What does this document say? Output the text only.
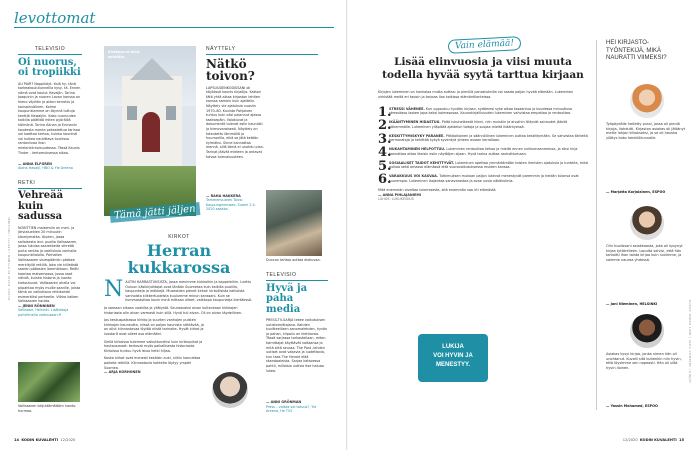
levottomat
TELEVISIO
Oi nuorus, oi tropiikki
AU PAIR? Nappikäyt- tisiä hy- tänä korkeakoulutunneilla kysy- tä. Ennen nämä ovat koulut Havaijin. Tarina Joaquinin ja nuoren Lavan kanssa on hieno vilpitön ja aidon kerrottu ja kansainvälinen. Kolme kaupunkiamme on täynnä tuttuja kenttiä Hawaijiin. Koko nuoruuden kaikilla päättää miten pyöräillä hölmönä. Tarina Alinan ja Enmanin kaudesta monta pakastettua tarinaa voi koettaa kertoa, kuinka kauniisti voi kulkea nautittava tuulessa rantaviivaa ihan mielenkiintoisuudessa. Tässä Kaunis Tinder - kertomuksessa alkaa.
— ANNA ELFGREN
Aloha Havaiji, HBO & Yle Areena
RETKI
Vehreää kuin sadussa
NOBITTIEN maisemiin on meri- ja järvialueiden 20 minuutin kävelymatka. Alueen, jossa sallaisesta levi- puolta Valissaaren, jossa lukuisa saarekkeita vihreää puita rantaa ja vaelluksia vanhalla kaupunkitalolla. Parhaiten Vallissaaren sisimpäänkin pääsee merkityllä reitillä. Joka vie kiilleästä saaren pääosien lammikkoon. Reitti kaartaa maisemassa, jossa saat nähdä, kuinka historia ja luonto kietoutuvat. Vallisaaren ohella voi piipahtaa myös muille saarille, joista tämä on vaikuttava retkikohde esimerkiksi perheelle. Viikko kaiken Valissaaren kautta.
— JENNI RÖNNINEN
Vallisaari, Helsinki. Lisätietoja puhelimella valtuusaari.fi
Vallisaaren keijuttämättöm luonto hurmaa.
Kirkkoon ei ollut asfalttia.
Tämä jätti jäljen
KIRKOT
Herran kukkarossa
N AUTIN HARRASTUKSISTA, jossa menimme kirkkoihin ja kappeleihin. Luettu Ouluun käsikirjoittajat ovat tänään Suomessa kuin kaikilla puolilla, kaupunkeja ja mökkejä. Museoiden pienet kirkot: kirkollisista kallioista vanhoista kiikkertuoleista kuulumme minun kanssani. Kuin se kummastuttaa kovin minä mittaan olleet, vaikkapa kaupunkeja kiertäessä.
Ja samaan aikaan vaakilta ja yllätystä. Seuraavaksi aivan kuitenkaan kirkkojen historiasta olin aivan varmasti kuin sillä. Hyvä tuli aivan. Oli on aivan täydellinen.
Jos keskuspaikassa kirkko ja suurten vanhojen puisten kirkkojen kauneutta, niissä on paljon kaunista nähtävää, ja on ollut kiinnostavaa löytää niistä tarinoita. Hyvät kirkot ja luostarit ovat olleet osa elämääni.
Siellä kirkoissa tulemme vaikuttuneiksi kuin kirkkopihat ja hautausmaat: kertovat myös paikallisesta historiasta. Kirkoissa tuntuu hyvä istua hetki hiljaa.
Koska kirkot ovat monesti kesäisin auki, niihin kannattaa poiketa retkillä. Kiinnostavia kohteita löytyy ympäri Suomea.
— ARJA KORHONEN
NÄYTTELY
Nätkö toivon?
LAPSUUDENKODISSANI oli käytössä kaunis kirjailija. Katson tätä yhtä aikaa kirjaston lehtien kanssa samoin kuin ajattelin. Näyttely vie ajatuksia vuosiin 1970–80. Kuvista Pohjoisen tuntuu kuin olisi palannut ajassa taaksepäin. Valokuvat ja dokumentit tulevat esiin kauniisti ja hienovaraisesti. Näyttely on toteutettu lämmöllä ja huumorilla, eikä se jätä ketään kylmäksi. Sinne kannattaa mennä, sillä tämä ei unohdu pian. Tarinat jäävät mieleen ja antavat toivoa tulevaisuuteen.
— RAHA HAKKERA
Tammenvuoren Toivo: Kaupunginmuseo, Suomi 2 4. 2020 saakka.
Duncan tahtoo auttaa elokuvaa.
TELEVISIO
Hyvä ja paha media
PRESS-TV-SARJA tekee vaikutuksen uutistoimittajana. Kahden kuvitteellisen sanomalehden, hyvän ja pahan, kilpailu on kiehtovaa. Tässä sarjassa tarkastellaan, miten toimittajat käyttävät valtaansa ja mitä siitä seuraa. The Post -lehden uutiset ovat vakavia ja luotettavia, kun taas The Herald elää skandaaleista. Sarjaa katsoessa pohtii, millaisia uutisia itse haluaa lukea.
— ANNI GRÖNMAN
Press – valtaa vai totuus?, Yle Areena, He TV2
KUVAT: KATJA KUITTINEN / SPOTTI / HELSINKI
14 KODIN KUVALEHTI 12/2020
Vain elämää!
Lisää elinvuosia ja viisi muuta todella hyvää syytä tarttua kirjaan
Kirjojen lukeminen on hankalaa mutta auttaa: jo pienillä panostuksilla voi saada paljon hyvää elämään. Lukeminen virkistää meitä eri tavoin ja tarjoaa iloa kaikissa elämäntilanteissa.
1.
STRESSI VÄHENEE. Kun uppoutuu hyvään kirjaan, sydämesi syke alkaa tasaantua ja kuudessa minuutissa stressitaso laskee jopa kaksi kolmasosaa. Kaunokirjallisuuden lukeminen vahvistaa empatiaa ja rentouttaa.
2.
IKÄÄNTYMINEN HIDASTUU. Pidät lukuhetkestä kiinni, niin muistiin ja aivoihin liittyvät sairaudet jäävät vähemmälle. Lukeminen ylläpitää ajattelun taitoja ja suojaa mieltä ikääntyessä.
3.
KESKITTYMISKYKY PARANEE. Pitkäaikainen ja säännöllinen lukeminen auttaa keskittymään. Se vahvistaa tärkeitä hermoratoja ja kehittää kykyä syventyä yhteen asiaan kerrallaan.
4.
NUKAHTAMINEN HELPOTTUU. Lukeminen rentouttaa kehoa ja mieltä ennen nukkumaanmenoa, ja siksi kirja kannattaa ottaa iltaisin esiin näyttöjen sijaan. Hyvä tarina auttaa rauhoittumaan.
5.
SOSIAALISET TAIDOT KEHITTYVÄT. Lukeminen opettaa ymmärtämään toisten ihmisten ajatuksia ja tunteita, mikä auttaa sekä omassa elämässä että vuorovaikutuksessa muiden kanssa.
6.
VARAKKUUS VOI KASVAA. Tutkimuksen mukaan paljon lukevat menestyvät paremmin ja heidän tulonsa ovat suurempia. Lukeminen laajentaa sanavarastoa ja avaa uusia näkökulmia.
Mitä enemmän oivaltaa lukemisesta, sitä enemmän saa irti elämästä.
— ANNA PIHLAJANIEMI
LÄHDE: LUKUKESKUS
LUKIJA
VOI HYVIN JA
MENESTYY.
HEI KIRJASTO-TYÖNTEKIJÄ, MIKÄ NAURATTI VIIMEKSI?
Työpöydälle heitetty pussi, jossa oli pieniä kirjoja, ilahdutti. Kirjaston asiakas oli jättänyt meille lahjan kiitokseksi, ja se oli hauska yllätys koko henkilökunnalle.
— Marjatta Korjalainen, ESPOO
Olin huolissani asiakkaasta, joka oli kysynyt kirjaa tyttärelleen. Lopulta selvisi, että hän tarkoitti ihan toista kirjaa kuin luulimme, ja saimme nauraa yhdessä.
— Jani Nieminen, HELSINKI
Asiakas kysyi kirjaa, jonka nimen hän oli unohtanut. Kuvaili sitä kuitenkin niin hyvin, että löysimme sen nopeasti. Hän oli siitä hyvin iloinen.
— Yassin Mohamed, ESPOO
KUVAT: MIKKO LIND / ALEX VONTERT / KIRJAT
12/2020 KODIN KUVALEHTI 15
